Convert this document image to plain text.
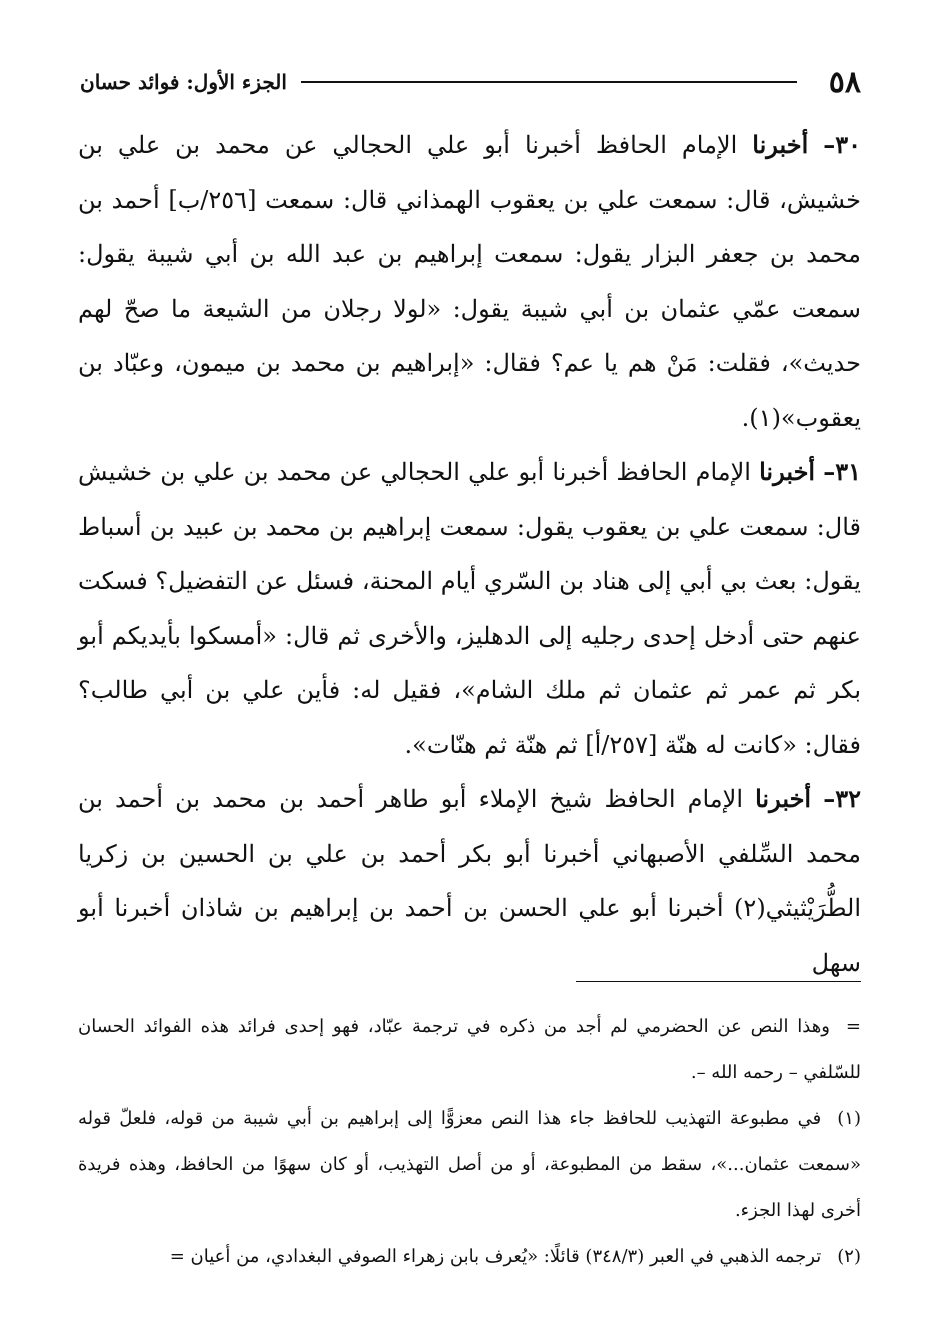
٥٨
الجزء الأول: فوائد حسان

٣٠– أخبرنا الإمام الحافظ أخبرنا أبو علي الحجالي عن محمد بن علي بن خشيش، قال: سمعت علي بن يعقوب الهمذاني قال: سمعت [٢٥٦/ب] أحمد بن محمد بن جعفر البزار يقول: سمعت إبراهيم بن عبد الله بن أبي شيبة يقول: سمعت عمّي عثمان بن أبي شيبة يقول: «لولا رجلان من الشيعة ما صحّ لهم حديث»، فقلت: مَنْ هم يا عم؟ فقال: «إبراهيم بن محمد بن ميمون، وعبّاد بن يعقوب»(١).

٣١– أخبرنا الإمام الحافظ أخبرنا أبو علي الحجالي عن محمد بن علي بن خشيش قال: سمعت علي بن يعقوب يقول: سمعت إبراهيم بن محمد بن عبيد بن أسباط يقول: بعث بي أبي إلى هناد بن السّري أيام المحنة، فسئل عن التفضيل؟ فسكت عنهم حتى أدخل إحدى رجليه إلى الدهليز، والأخرى ثم قال: «أمسكوا بأيديكم أبو بكر ثم عمر ثم عثمان ثم ملك الشام»، فقيل له: فأين علي بن أبي طالب؟ فقال: «كانت له هنّة [٢٥٧/أ] ثم هنّة ثم هنّات».

٣٢– أخبرنا الإمام الحافظ شيخ الإملاء أبو طاهر أحمد بن محمد بن أحمد بن محمد السِّلفي الأصبهاني أخبرنا أبو بكر أحمد بن علي بن الحسين بن زكريا الطُّرَيْثيثي(٢) أخبرنا أبو علي الحسن بن أحمد بن إبراهيم بن شاذان أخبرنا أبو سهل

=وهذا النص عن الحضرمي لم أجد من ذكره في ترجمة عبّاد، فهو إحدى فرائد هذه الفوائد الحسان للسّلفي – رحمه الله –.

(١)في مطبوعة التهذيب للحافظ جاء هذا النص معزوًّا إلى إبراهيم بن أبي شيبة من قوله، فلعلّ قوله «سمعت عثمان...»، سقط من المطبوعة، أو من أصل التهذيب، أو كان سهوًا من الحافظ، وهذه فريدة أخرى لهذا الجزء.

(٢)ترجمه الذهبي في العبر (٣٤٨/٣) قائلًا: «يُعرف بابن زهراء الصوفي البغدادي، من أعيان =
